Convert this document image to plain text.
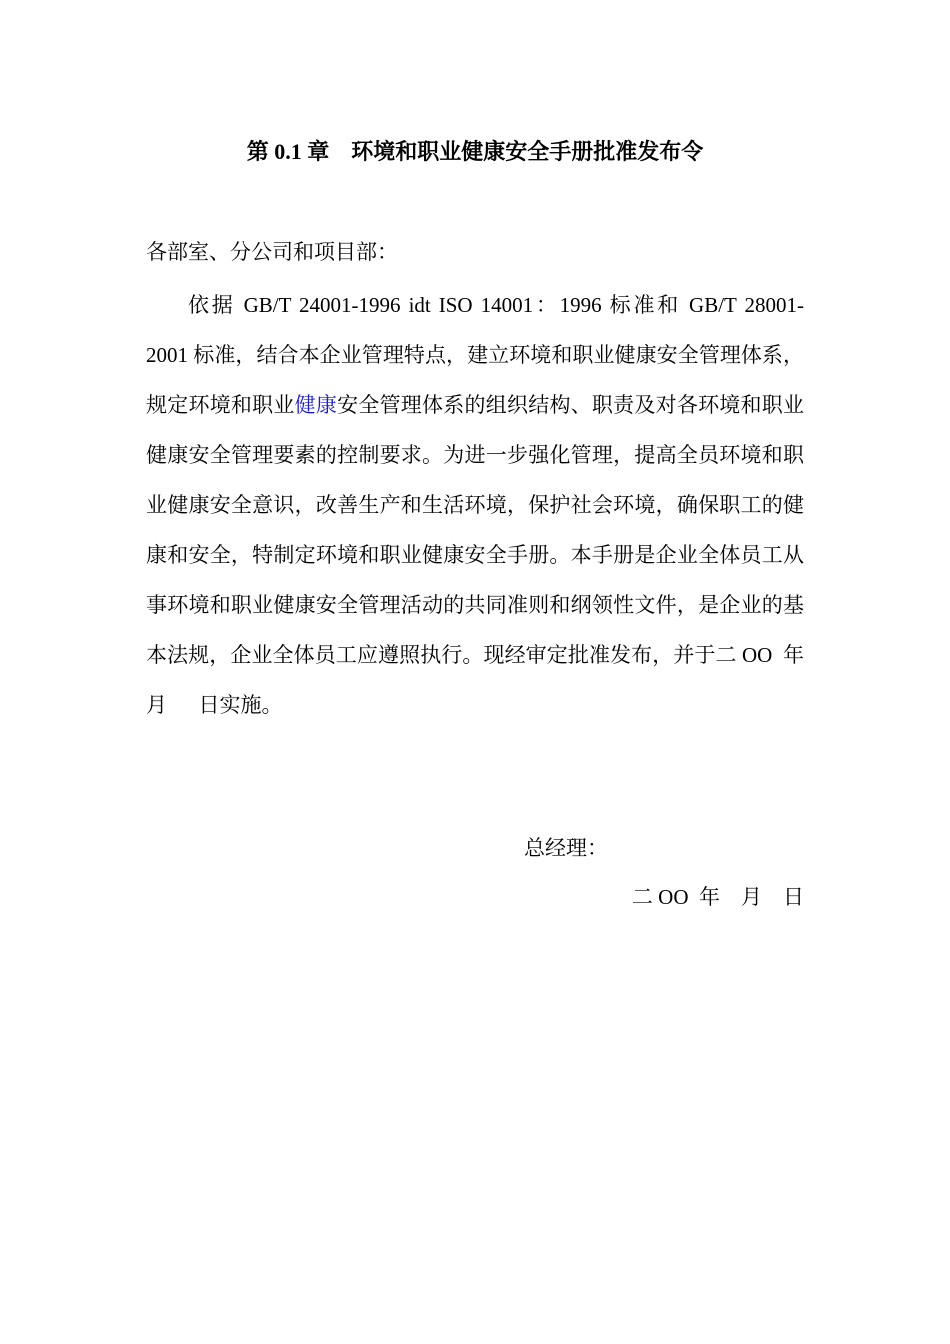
第 0.1 章    环境和职业健康安全手册批准发布令
各部室、分公司和项目部：
依据 GB/T 24001-1996 idt ISO 14001：1996 标准和 GB/T 28001-2001 标准，结合本企业管理特点，建立环境和职业健康安全管理体系，规定环境和职业健康安全管理体系的组织结构、职责及对各环境和职业健康安全管理要素的控制要求。为进一步强化管理，提高全员环境和职业健康安全意识，改善生产和生活环境，保护社会环境，确保职工的健康和安全，特制定环境和职业健康安全手册。本手册是企业全体员工从事环境和职业健康安全管理活动的共同准则和纲领性文件，是企业的基本法规，企业全体员工应遵照执行。现经审定批准发布，并于二 OO  年    月      日实施。
总经理：
二 OO  年    月    日
